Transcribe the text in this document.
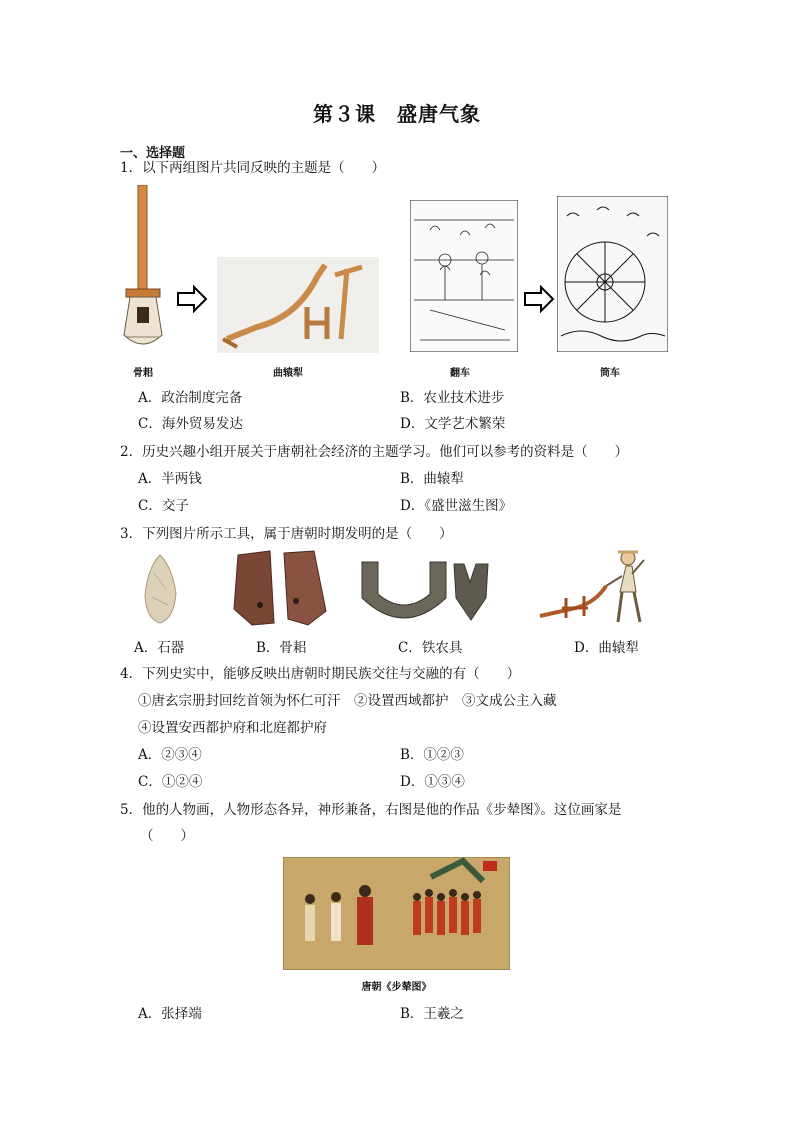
第３课　盛唐气象
一、选择题
1．以下两组图片共同反映的主题是（　　）
骨耜	曲辕犁	翻车	筒车
A．政治制度完备	B．农业技术进步
C．海外贸易发达	D．文学艺术繁荣
2．历史兴趣小组开展关于唐朝社会经济的主题学习。他们可以参考的资料是（　　）
A．半两钱	B．曲辕犁
C．交子	D．《盛世滋生图》
3．下列图片所示工具，属于唐朝时期发明的是（　　）
A．石器	B．骨耜	C．铁农具	D．曲辕犁
4．下列史实中，能够反映出唐朝时期民族交往与交融的有（　　）
①唐玄宗册封回纥首领为怀仁可汗　②设置西域都护　③文成公主入藏
④设置安西都护府和北庭都护府
A．②③④	B．①②③
C．①②④	D．①③④
5．他的人物画，人物形态各异，神形兼备，右图是他的作品《步辇图》。这位画家是
（　　）
唐朝《步辇图》
A．张择端	B．王羲之
